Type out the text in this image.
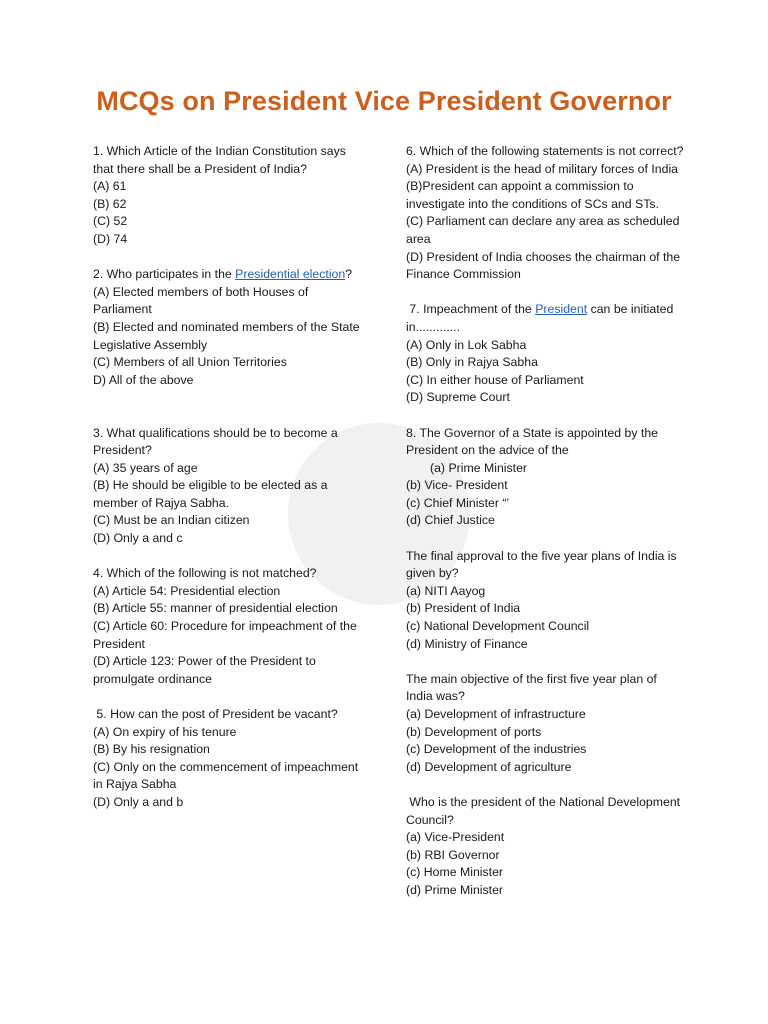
MCQs on President Vice President Governor

1. Which Article of the Indian Constitution says that there shall be a President of India?

(A) 61

(B) 62

(C) 52

(D) 74

2. Who participates in the Presidential election?

(A) Elected members of both Houses of Parliament

(B) Elected and nominated members of the State Legislative Assembly

(C) Members of all Union Territories

D) All of the above

3. What qualifications should be to become a President?

(A) 35 years of age

(B) He should be eligible to be elected as a member of Rajya Sabha.

(C) Must be an Indian citizen

(D) Only a and c

4. Which of the following is not matched?

(A) Article 54: Presidential election

(B) Article 55: manner of presidential election

(C) Article 60: Procedure for impeachment of the President

(D) Article 123: Power of the President to promulgate ordinance

5. How can the post of President be vacant?

(A) On expiry of his tenure

(B) By his resignation

(C) Only on the commencement of impeachment in Rajya Sabha

(D) Only a and b

6. Which of the following statements is not correct?

(A) President is the head of military forces of India

(B)President can appoint a commission to investigate into the conditions of SCs and STs.

(C) Parliament can declare any area as scheduled area

(D) President of India chooses the chairman of the Finance Commission

7. Impeachment of the President can be initiated in.............

(A) Only in Lok Sabha

(B) Only in Rajya Sabha

(C) In either house of Parliament

(D) Supreme Court

8. The Governor of a State is appointed by the President on the advice of the

(a) Prime Minister

(b) Vice- President

(c) Chief Minister “’

(d) Chief Justice

The final approval to the five year plans of India is given by?

(a) NITI Aayog

(b) President of India

(c) National Development Council

(d) Ministry of Finance

The main objective of the first five year plan of India was?

(a) Development of infrastructure

(b) Development of ports

(c) Development of the industries

(d) Development of agriculture

Who is the president of the National Development Council?

(a) Vice-President

(b) RBI Governor

(c) Home Minister

(d) Prime Minister
